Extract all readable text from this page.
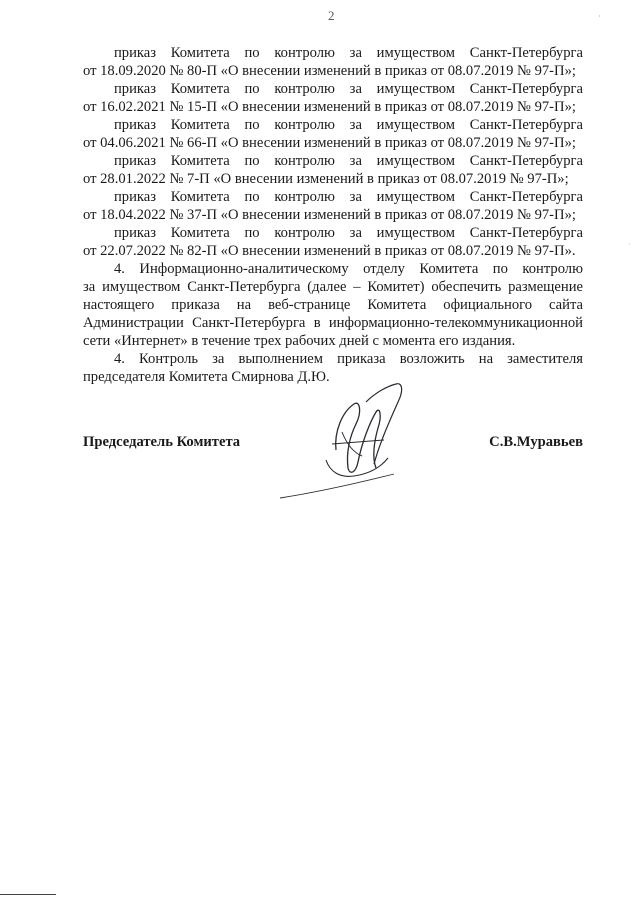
2	·
·
приказ Комитета по контролю за имуществом Санкт-Петербурга
от 18.09.2020 № 80-П «О внесении изменений в приказ от 08.07.2019 № 97-П»;
приказ Комитета по контролю за имуществом Санкт-Петербурга
от 16.02.2021 № 15-П «О внесении изменений в приказ от 08.07.2019 № 97-П»;
приказ Комитета по контролю за имуществом Санкт-Петербурга
от 04.06.2021 № 66-П «О внесении изменений в приказ от 08.07.2019 № 97-П»;
приказ Комитета по контролю за имуществом Санкт-Петербурга
от 28.01.2022 № 7-П «О внесении изменений в приказ от 08.07.2019 № 97-П»;
приказ Комитета по контролю за имуществом Санкт-Петербурга
от 18.04.2022 № 37-П «О внесении изменений в приказ от 08.07.2019 № 97-П»;
приказ Комитета по контролю за имуществом Санкт-Петербурга
от 22.07.2022 № 82-П «О внесении изменений в приказ от 08.07.2019 № 97-П».
4. Информационно-аналитическому отделу Комитета по контролю
за имуществом Санкт-Петербурга (далее – Комитет) обеспечить размещение
настоящего приказа на веб-странице Комитета официального сайта
Администрации Санкт-Петербурга в информационно-телекоммуникационной
сети «Интернет» в течение трех рабочих дней с момента его издания.
4. Контроль за выполнением приказа возложить на заместителя
председателя Комитета Смирнова Д.Ю.
Председатель Комитета	С.В.Муравьев
